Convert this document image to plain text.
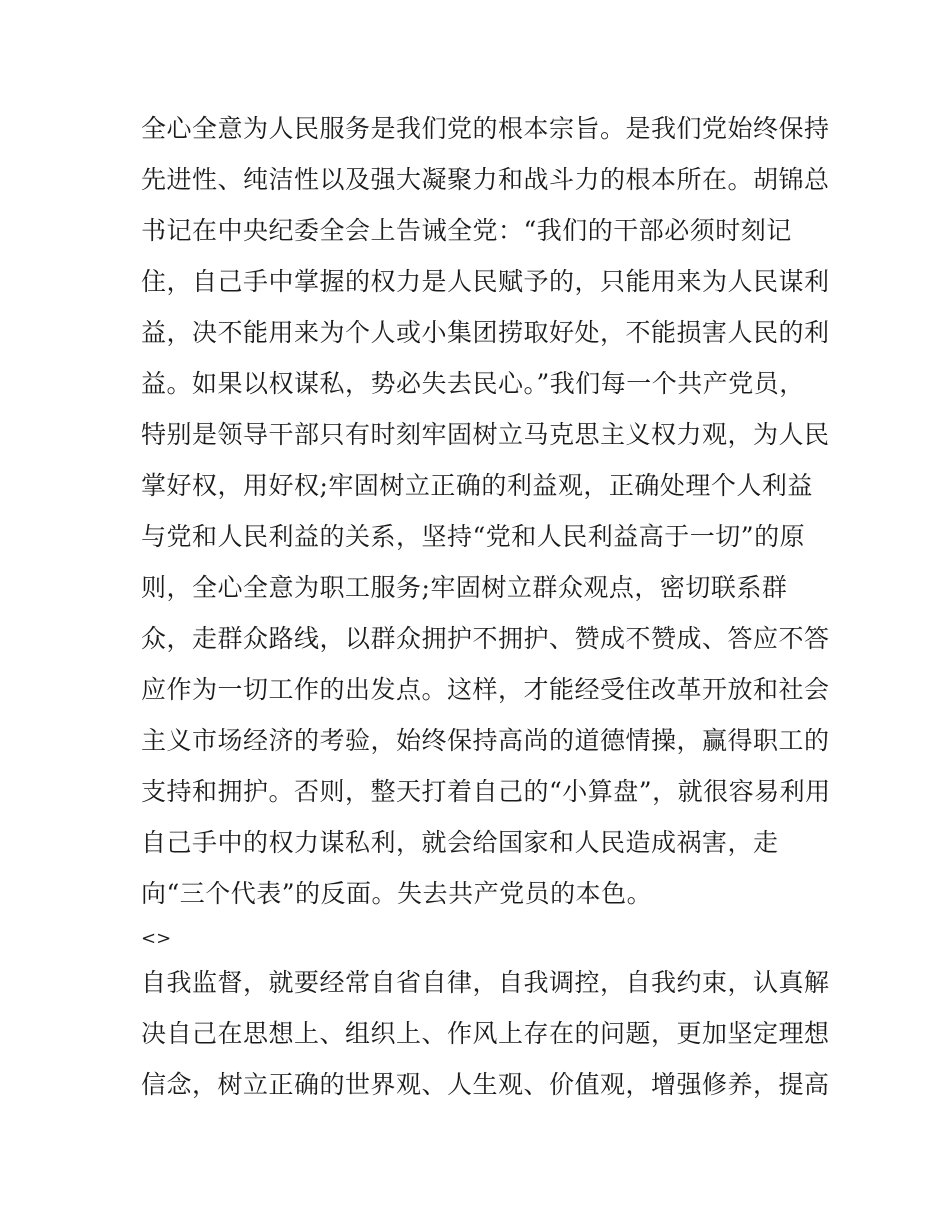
全心全意为人民服务是我们党的根本宗旨。是我们党始终保持
先进性、纯洁性以及强大凝聚力和战斗力的根本所在。胡锦总
书记在中央纪委全会上告诫全党：“我们的干部必须时刻记
住，自己手中掌握的权力是人民赋予的，只能用来为人民谋利
益，决不能用来为个人或小集团捞取好处，不能损害人民的利
益。如果以权谋私，势必失去民心。”我们每一个共产党员，
特别是领导干部只有时刻牢固树立马克思主义权力观，为人民
掌好权，用好权;牢固树立正确的利益观，正确处理个人利益
与党和人民利益的关系，坚持“党和人民利益高于一切”的原
则，全心全意为职工服务;牢固树立群众观点，密切联系群
众，走群众路线，以群众拥护不拥护、赞成不赞成、答应不答
应作为一切工作的出发点。这样，才能经受住改革开放和社会
主义市场经济的考验，始终保持高尚的道德情操，赢得职工的
支持和拥护。否则，整天打着自己的“小算盘”，就很容易利用
自己手中的权力谋私利，就会给国家和人民造成祸害，走
向“三个代表”的反面。失去共产党员的本色。
<>
自我监督，就要经常自省自律，自我调控，自我约束，认真解
决自己在思想上、组织上、作风上存在的问题，更加坚定理想
信念，树立正确的世界观、人生观、价值观，增强修养，提高
